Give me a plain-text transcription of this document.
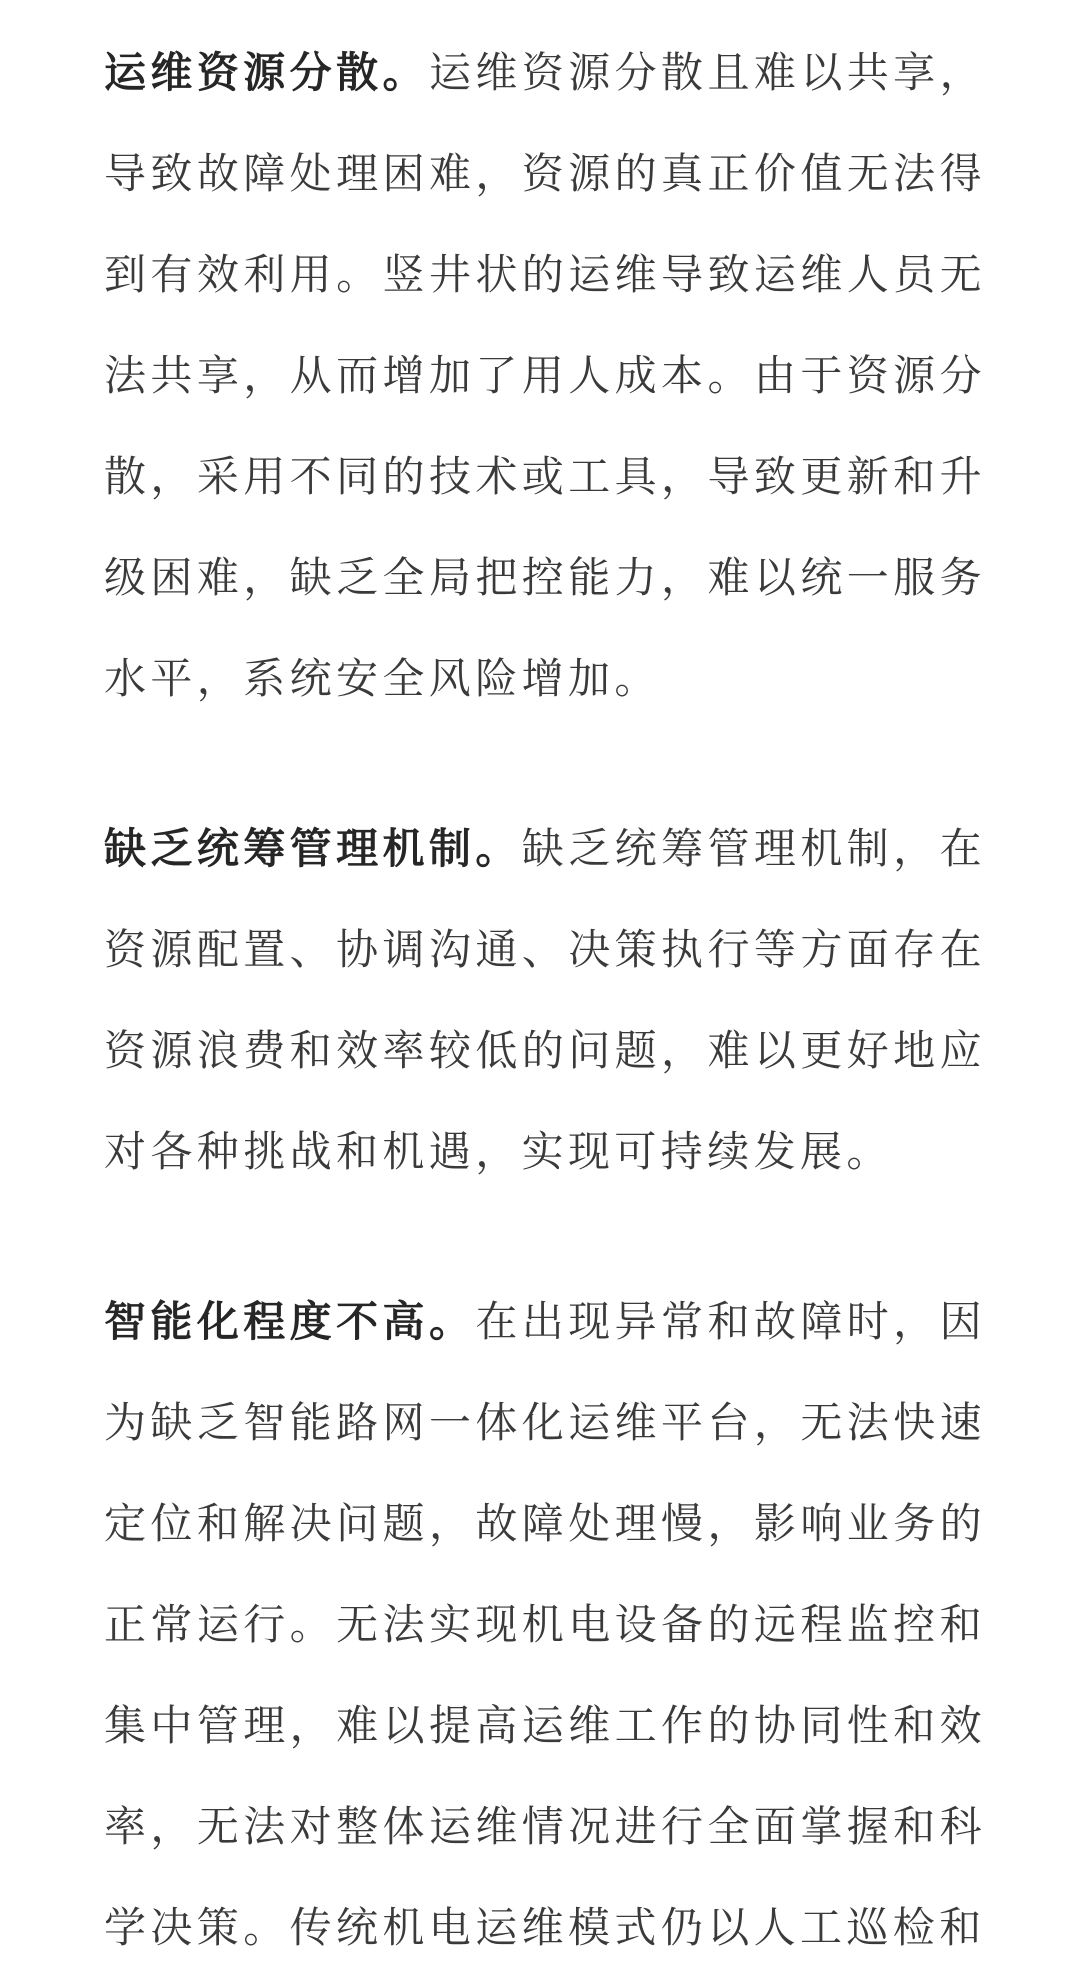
运维资源分散。运维资源分散且难以共享，导致故障处理困难，资源的真正价值无法得到有效利用。竖井状的运维导致运维人员无法共享，从而增加了用人成本。由于资源分散，采用不同的技术或工具，导致更新和升级困难，缺乏全局把控能力，难以统一服务水平，系统安全风险增加。

缺乏统筹管理机制。缺乏统筹管理机制，在资源配置、协调沟通、决策执行等方面存在资源浪费和效率较低的问题，难以更好地应对各种挑战和机遇，实现可持续发展。

智能化程度不高。在出现异常和故障时，因为缺乏智能路网一体化运维平台，无法快速定位和解决问题，故障处理慢，影响业务的正常运行。无法实现机电设备的远程监控和集中管理，难以提高运维工作的协同性和效率，无法对整体运维情况进行全面掌握和科学决策。传统机电运维模式仍以人工巡检和
